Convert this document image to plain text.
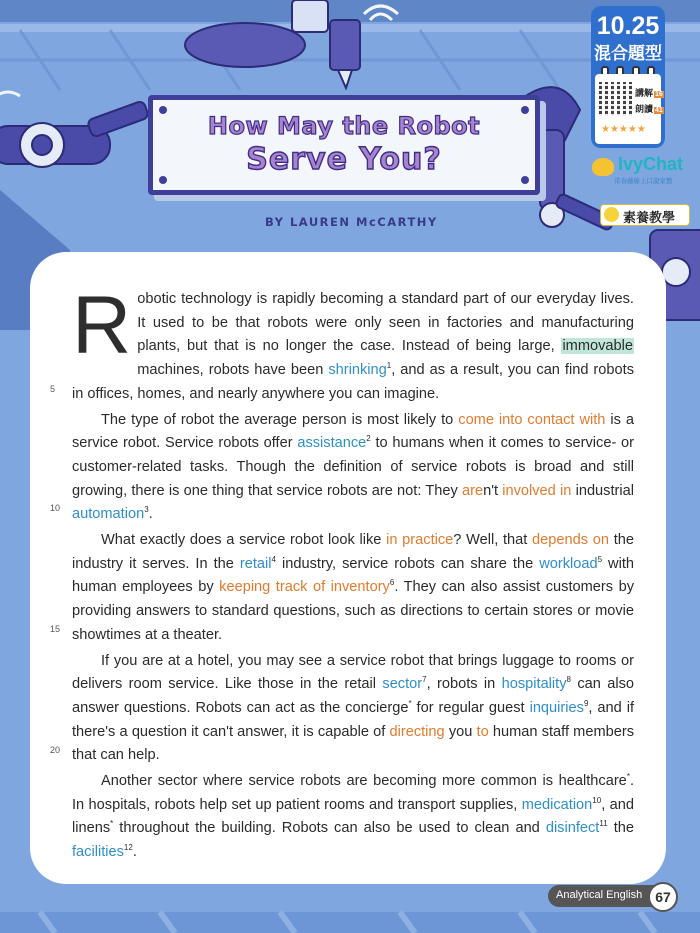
How May the Robot
Serve You?
BY LAUREN McCARTHY
10.25
混合題型
講解 16
朗讀 41
★★★★★
IvyChat
常春藤線上口說家教
素養教學

Robotic technology is rapidly becoming a standard part of our everyday lives. It used to be that robots were only seen in factories and manufacturing plants, but that is no longer the case. Instead of being large, immovable machines, robots have been shrinking$^1$, and as a result, you can find robots in offices, homes, and nearly anywhere you can imagine.

The type of robot the average person is most likely to come into contact with is a service robot. Service robots offer assistance$^2$ to humans when it comes to service- or customer-related tasks. Though the definition of service robots is broad and still growing, there is one thing that service robots are not: They aren't involved in industrial automation$^3$.

What exactly does a service robot look like in practice? Well, that depends on the industry it serves. In the retail$^4$ industry, service robots can share the workload$^5$ with human employees by keeping track of inventory$^6$. They can also assist customers by providing answers to standard questions, such as directions to certain stores or movie showtimes at a theater.

If you are at a hotel, you may see a service robot that brings luggage to rooms or delivers room service. Like those in the retail sector$^7$, robots in hospitality$^8$ can also answer questions. Robots can act as the concierge* for regular guest inquiries$^9$, and if there's a question it can't answer, it is capable of directing you to human staff members that can help.

Another sector where service robots are becoming more common is healthcare*. In hospitals, robots help set up patient rooms and transport supplies, medication$^{10}$, and linens* throughout the building. Robots can also be used to clean and disinfect$^{11}$ the facilities$^{12}$.

5
10
15
20
Analytical English 67
